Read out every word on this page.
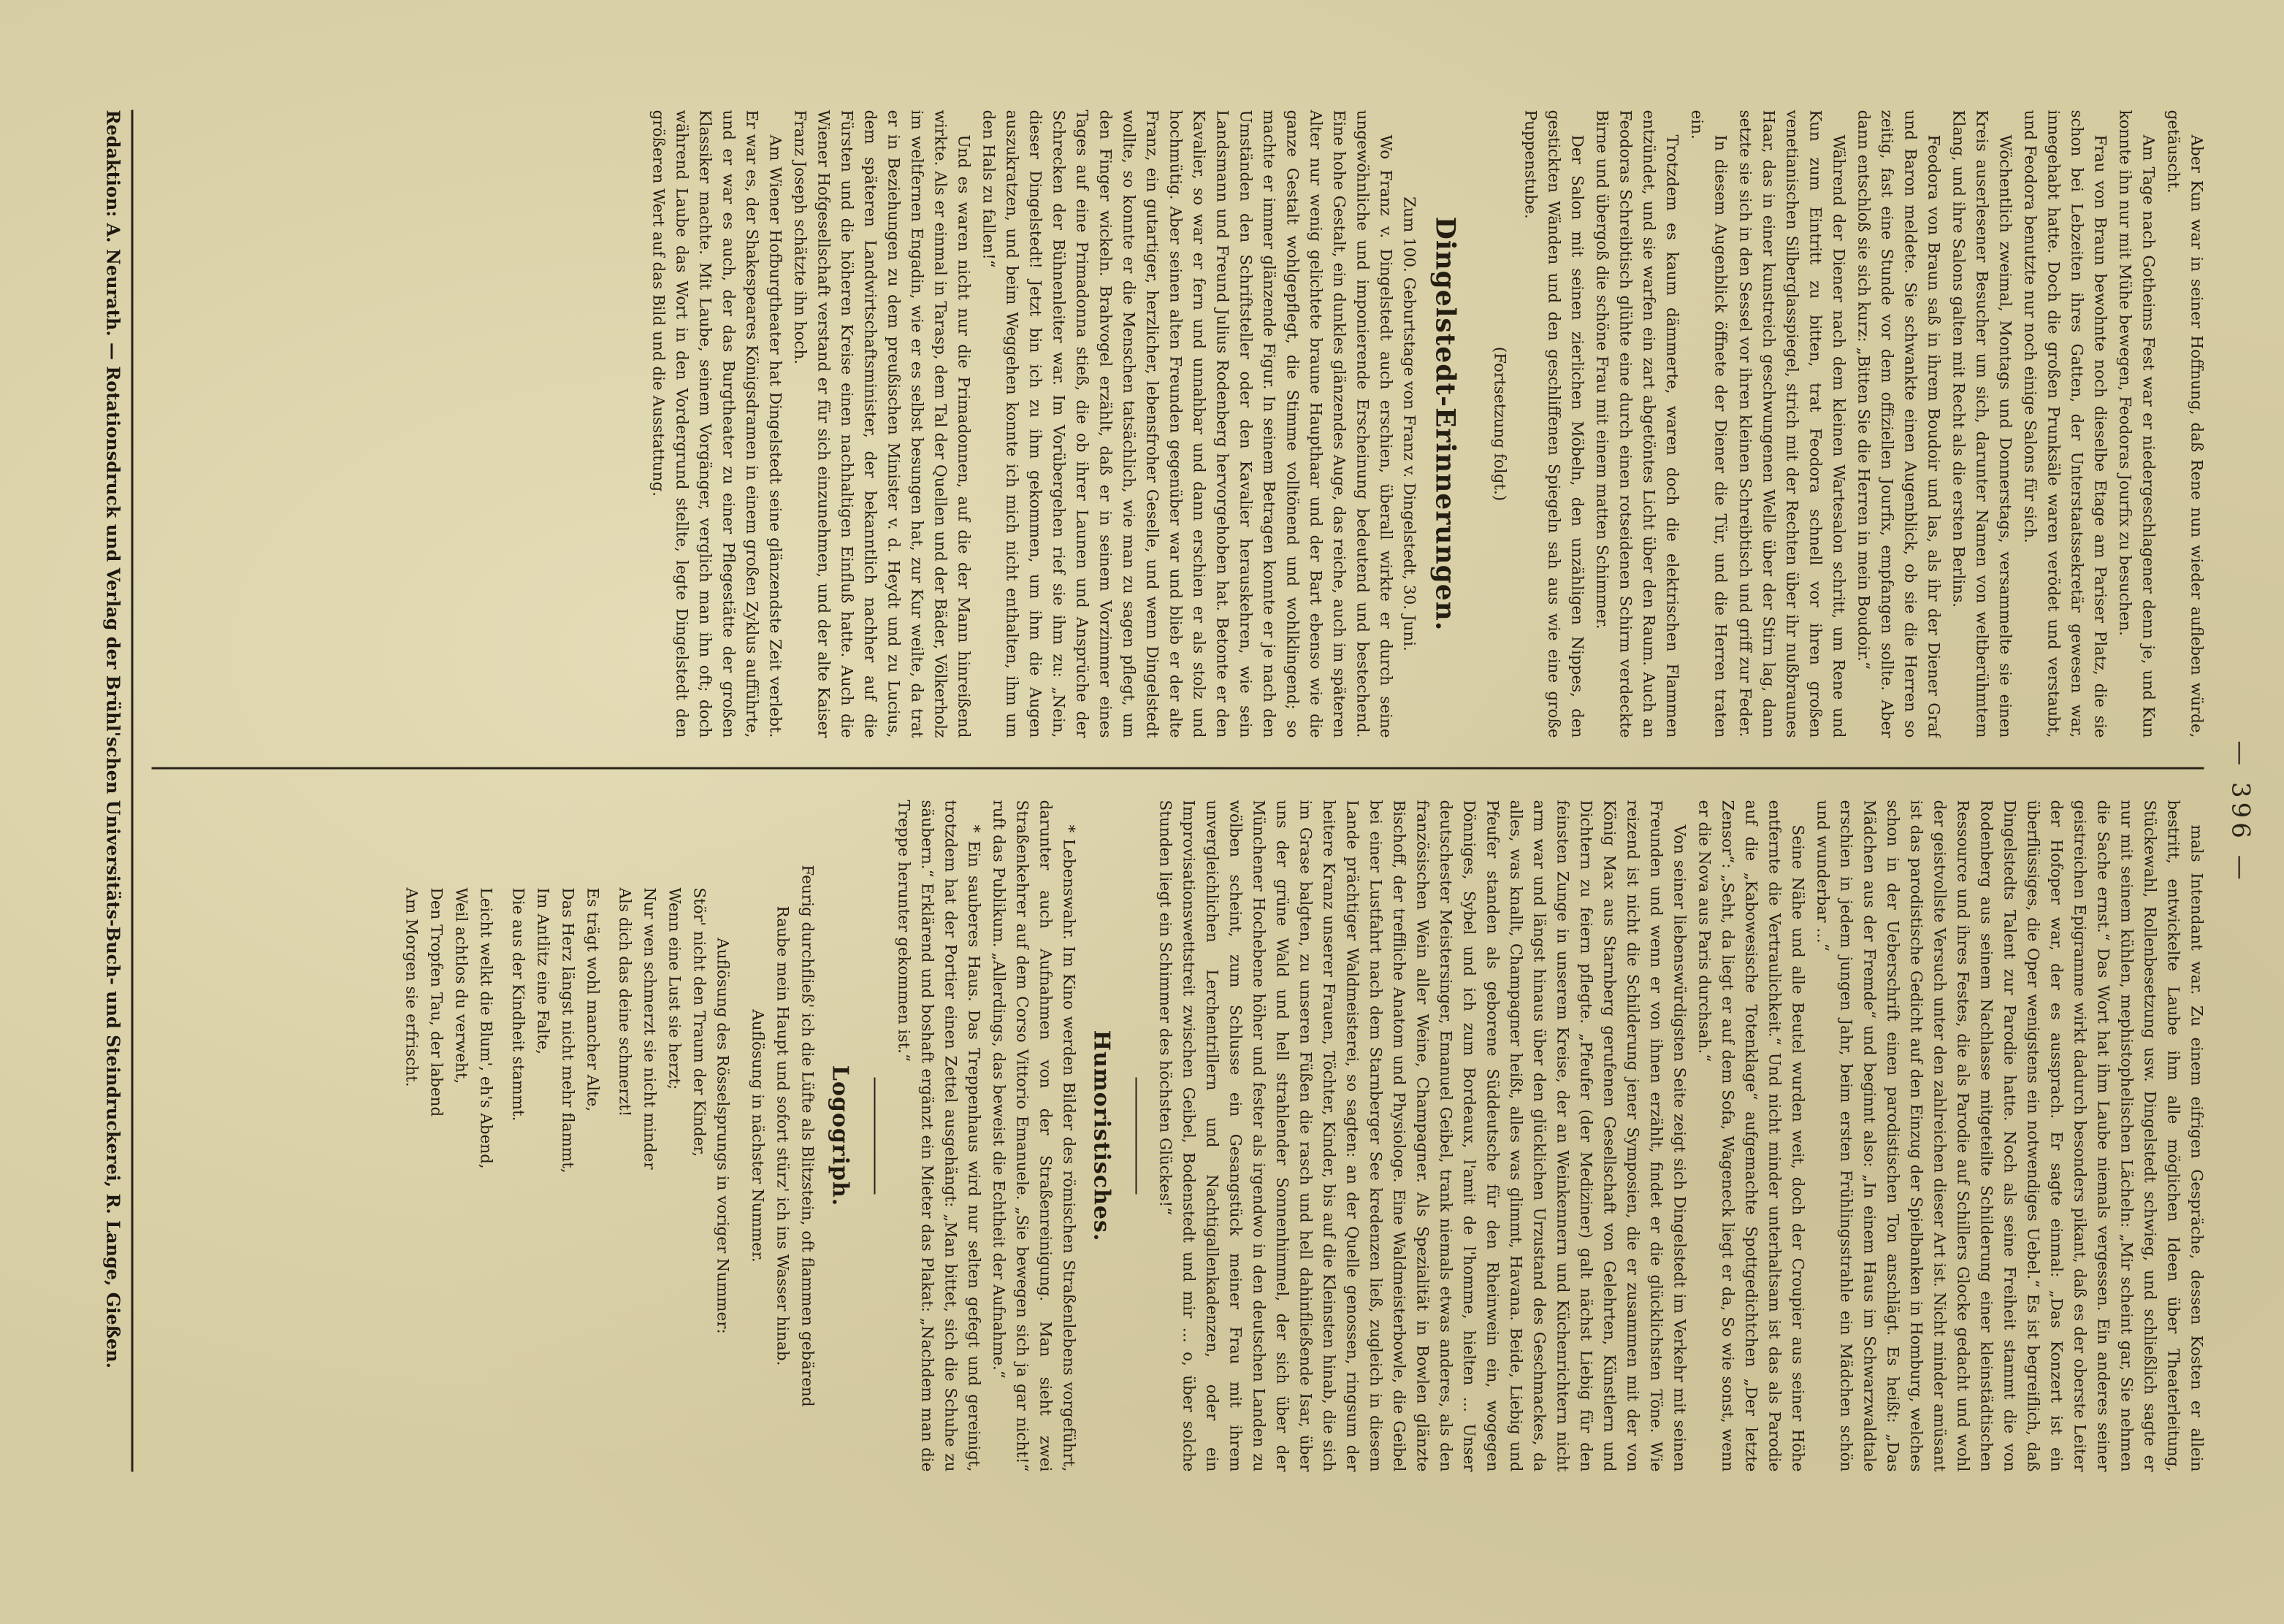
— 396 —

Aber Kun war in seiner Hoffnung, daß Rene nun wieder aufleben würde, getäuscht.

Am Tage nach Gotheims Fest war er niedergeschlagener denn je, und Kun konnte ihn nur mit Mühe bewegen, Feodoras Jourfix zu besuchen.

Frau von Braun bewohnte noch dieselbe Etage am Pariser Platz, die sie schon bei Lebzeiten ihres Gatten, der Unterstaatssekretär gewesen war, innegehabt hatte. Doch die großen Prunksäle waren verödet und verstaubt, und Feodora benutzte nur noch einige Salons für sich.

Wöchentlich zweimal, Montags und Donnerstags, versammelte sie einen Kreis auserlesener Besucher um sich, darunter Namen von weltberühmtem Klang, und ihre Salons galten mit Recht als die ersten Berlins.

Feodora von Braun saß in ihrem Boudoir und las, als ihr der Diener Graf und Baron meldete. Sie schwankte einen Augenblick, ob sie die Herren so zeitig, fast eine Stunde vor dem offiziellen Jourfix, empfangen sollte. Aber dann entschloß sie sich kurz: „Bitten Sie die Herren in mein Boudoir.“

Während der Diener nach dem kleinen Wartesalon schritt, um Rene und Kun zum Eintritt zu bitten, trat Feodora schnell vor ihren großen venetianischen Silberglasspiegel, strich mit der Rechten über ihr nußbraunes Haar, das in einer kunstreich geschwungenen Welle über der Stirn lag, dann setzte sie sich in den Sessel vor ihren kleinen Schreibtisch und griff zur Feder.

In diesem Augenblick öffnete der Diener die Tür, und die Herren traten ein.

Trotzdem es kaum dämmerte, waren doch die elektrischen Flammen entzündet, und sie warfen ein zart abgetöntes Licht über den Raum. Auch an Feodoras Schreibtisch glühte eine durch einen rotseidenen Schirm verdeckte Birne und übergoß die schöne Frau mit einem matten Schimmer.

Der Salon mit seinen zierlichen Möbeln, den unzähligen Nippes, den gestickten Wänden und den geschliffenen Spiegeln sah aus wie eine große Puppenstube.

(Fortsetzung folgt.)

Dingelstedt-Erinnerungen.

Zum 100. Geburtstage von Franz v. Dingelstedt, 30. Juni.

Wo Franz v. Dingelstedt auch erschien, überall wirkte er durch seine ungewöhnliche und imponierende Erscheinung bedeutend und bestechend. Eine hohe Gestalt, ein dunkles glänzendes Auge, das reiche, auch im späteren Alter nur wenig gelichtete braune Haupthaar und der Bart ebenso wie die ganze Gestalt wohlgepflegt, die Stimme volltönend und wohlklingend; so machte er immer glänzende Figur. In seinem Betragen konnte er je nach den Umständen den Schriftsteller oder den Kavalier herauskehren, wie sein Landsmann und Freund Julius Rodenberg hervorgehoben hat. Betonte er den Kavalier, so war er fern und unnahbar und dann erschien er als stolz und hochmütig. Aber seinen alten Freunden gegenüber war und blieb er der alte Franz, ein gutartiger, herzlicher, lebensfroher Geselle, und wenn Dingelstedt wollte, so konnte er die Menschen tatsächlich, wie man zu sagen pflegt, um den Finger wickeln. Brahvogel erzählt, daß er in seinem Vorzimmer eines Tages auf eine Primadonna stieß, die ob ihrer Launen und Ansprüche der Schrecken der Bühnenleiter war. Im Vorübergehen rief sie ihm zu: „Nein, dieser Dingelstedt! Jetzt bin ich zu ihm gekommen, um ihm die Augen auszukratzen, und beim Weggehen konnte ich mich nicht enthalten, ihm um den Hals zu fallen!“

Und es waren nicht nur die Primadonnen, auf die der Mann hinreißend wirkte. Als er einmal in Tarasp, dem Tal der Quellen und der Bäder, Völkerholz im weltfernen Engadin, wie er es selbst besungen hat, zur Kur weilte, da trat er in Beziehungen zu dem preußischen Minister v. d. Heydt und zu Lucius, dem späteren Landwirtschaftsminister, der bekanntlich nachher auf die Fürsten und die höheren Kreise einen nachhaltigen Einfluß hatte. Auch die Wiener Hofgesellschaft verstand er für sich einzunehmen, und der alte Kaiser Franz Joseph schätzte ihn hoch.

Am Wiener Hofburgtheater hat Dingelstedt seine glänzendste Zeit verlebt. Er war es, der Shakespeares Königsdramen in einem großen Zyklus aufführte, und er war es auch, der das Burgtheater zu einer Pflegestätte der großen Klassiker machte. Mit Laube, seinem Vorgänger, verglich man ihn oft; doch während Laube das Wort in den Vordergrund stellte, legte Dingelstedt den größeren Wert auf das Bild und die Ausstattung.

mals Intendant war. Zu einem eifrigen Gespräche, dessen Kosten er allein bestritt, entwickelte Laube ihm alle möglichen Ideen über Theaterleitung, Stückewahl, Rollenbesetzung usw. Dingelstedt schwieg, und schließlich sagte er nur mit seinem kühlen, mephistophelischen Lächeln: „Mir scheint gar, Sie nehmen die Sache ernst.“ Das Wort hat ihm Laube niemals vergessen. Ein anderes seiner geistreichen Epigramme wirkt dadurch besonders pikant, daß es der oberste Leiter der Hofoper war, der es aussprach. Er sagte einmal: „Das Konzert ist ein überflüssiges, die Oper wenigstens ein notwendiges Uebel.“ Es ist begreiflich, daß Dingelstedts Talent zur Parodie hatte. Noch als seine Freiheit stammt die von Rodenberg aus seinem Nachlasse mitgeteilte Schilderung einer kleinstädtischen Ressource und ihres Festes, die als Parodie auf Schillers Glocke gedacht und wohl der geistvollste Versuch unter den zahlreichen dieser Art ist. Nicht minder amüsant ist das parodistische Gedicht auf den Einzug der Spielbanken in Homburg, welches schon in der Ueberschrift einen parodistischen Ton anschlägt. Es heißt: „Das Mädchen aus der Fremde“ und beginnt also: „In einem Haus im Schwarzwaldtale erschien in jedem jungen Jahr, beim ersten Frühlingsstrahle ein Mädchen schön und wunderbar …“

Seine Nähe und alle Beutel wurden weit, doch der Croupier aus seiner Höhe entfernte die Vertraulichkeit.“ Und nicht minder unterhaltsam ist das als Parodie auf die „Kabowesische Totenklage“ aufgemachte Spottgedichtchen „Der letzte Zensor“: „Seht, da liegt er auf dem Sofa, Wageneck liegt er da, So wie sonst, wenn er die Nova aus Paris durchsah.“

Von seiner liebenswürdigsten Seite zeigt sich Dingelstedt im Verkehr mit seinen Freunden und wenn er von ihnen erzählt, findet er die glücklichsten Töne. Wie reizend ist nicht die Schilderung jener Symposien, die er zusammen mit der von König Max aus Starnberg gerufenen Gesellschaft von Gelehrten, Künstlern und Dichtern zu feiern pflegte. „Pfeufer (der Mediziner) galt nächst Liebig für den feinsten Zunge in unserem Kreise, der an Weinkennern und Küchenrichtern nicht arm war und längst hinaus über den glücklichen Urzustand des Geschmackes, da alles, was knallt, Champagner heißt, alles was glimmt, Havana. Beide, Liebig und Pfeufer standen als geborene Süddeutsche für den Rheinwein ein, wogegen Dönniges, Sybel und ich zum Bordeaux, l'amit de l'homme, hielten … Unser deutschester Meistersinger, Emanuel Geibel, trank niemals etwas anderes, als den französischen Wein aller Weine, Champagner. Als Spezialität in Bowlen glänzte Bischoff, der treffliche Anatom und Physiologe. Eine Waldmeisterbowle, die Geibel bei einer Lustfahrt nach dem Starnberger See kredenzen ließ, zugleich in diesem Lande prächtiger Waldmeisterei, so sagten: an der Quelle genossen, ringsum der heitere Kranz unserer Frauen, Töchter, Kinder, bis auf die Kleinsten hinab, die sich im Grase balgten, zu unseren Füßen die rasch und hell dahinfließende Isar, über uns der grüne Wald und hell strahlender Sonnenhimmel, der sich über der Münchener Hochebene höher und fester als irgendwo in den deutschen Landen zu wölben scheint, zum Schlusse ein Gesangstück meiner Frau mit ihrem unvergleichlichen Lerchentrillern und Nachtigallenkadenzen, oder ein Improvisationswettstreit zwischen Geibel, Bodenstedt und mir … o, über solche Stunden liegt ein Schimmer des höchsten Glückes!“

Humoristisches.

* Lebenswahr. Im Kino werden Bilder des römischen Straßenlebens vorgeführt, darunter auch Aufnahmen von der Straßenreinigung. Man sieht zwei Straßenkehrer auf dem Corso Vittorio Emanuele. „Sie bewegen sich ja gar nicht!“ ruft das Publikum. „Allerdings, das beweist die Echtheit der Aufnahme.“

* Ein sauberes Haus. Das Treppenhaus wird nur selten gefegt und gereinigt, trotzdem hat der Portier einen Zettel ausgehängt: „Man bittet, sich die Schuhe zu säubern.“ Erklärend und boshaft ergänzt ein Mieter das Plakat: „Nachdem man die Treppe herunter gekommen ist.“

Logogriph.

Feurig durchfließ' ich die Lüfte als Blitzstein, oft flammen gebärend

Raube mein Haupt und sofort stürz' ich ins Wasser hinab.

Auflösung in nächster Nummer.

Auflösung des Rösselsprungs in voriger Nummer:

Stör' nicht den Traum der Kinder,

Wenn eine Lust sie herzt;

Nur wen schmerzt sie nicht minder

Als dich das deine schmerzt!

Es trägt wohl mancher Alte,

Das Herz längst nicht mehr flammt,

Im Antlitz eine Falte,

Die aus der Kindheit stammt.

Leicht welkt die Blum', eh's Abend,

Weil achtlos du verweht,

Den Tropfen Tau, der labend

Am Morgen sie erfrischt.

Redaktion: A. Neurath. — Rotationsdruck und Verlag der Brühl'schen Universitäts-Buch- und Steindruckerei, R. Lange, Gießen.
